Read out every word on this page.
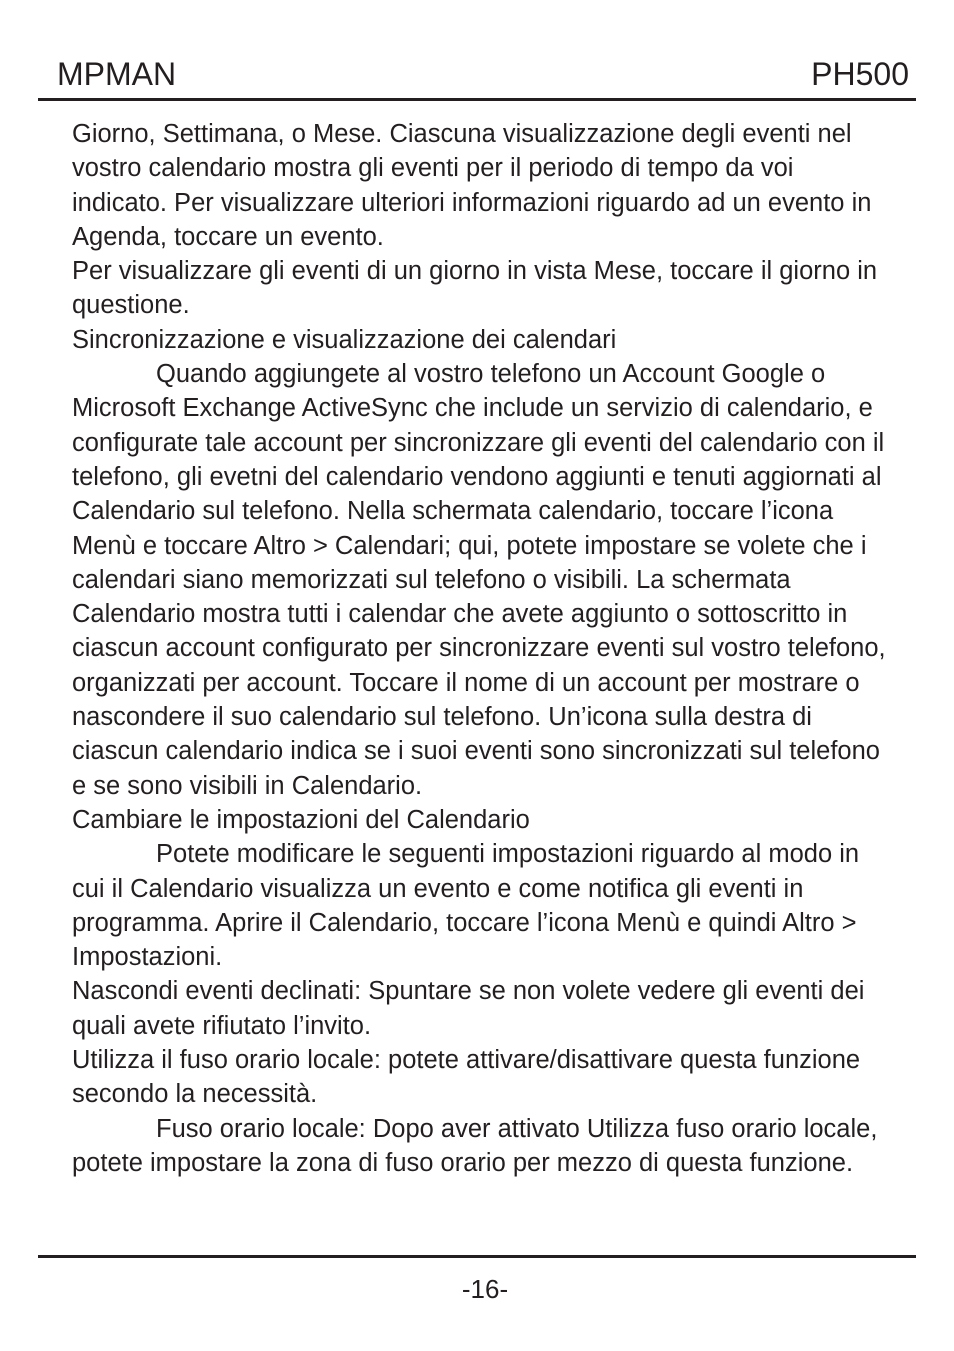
MPMAN	PH500

Giorno, Settimana, o Mese. Ciascuna visualizzazione degli eventi nel vostro calendario mostra gli eventi per il periodo di tempo da voi indicato. Per visualizzare ulteriori informazioni riguardo ad un evento in Agenda, toccare un evento.

Per visualizzare gli eventi di un giorno in vista Mese, toccare il giorno in questione.

Sincronizzazione e visualizzazione dei calendari

Quando aggiungete al vostro telefono un Account Google o Microsoft Exchange ActiveSync che include un servizio di calendario, e configurate tale account per sincronizzare gli eventi del calendario con il telefono, gli evetni del calendario vendono aggiunti e tenuti aggiornati al Calendario sul telefono. Nella schermata calendario, toccare l’icona Menù e toccare Altro > Calendari; qui, potete impostare se volete che i calendari siano memorizzati sul telefono o visibili. La schermata Calendario mostra tutti i calendar che avete aggiunto o sottoscritto in ciascun account configurato per sincronizzare eventi sul vostro telefono, organizzati per account. Toccare il nome di un account per mostrare o nascondere il suo calendario sul telefono. Un’icona sulla destra di ciascun calendario indica se i suoi eventi sono sincronizzati sul telefono e se sono visibili in Calendario.

Cambiare le impostazioni del Calendario

Potete modificare le seguenti impostazioni riguardo al modo in cui il Calendario visualizza un evento e come notifica gli eventi in programma. Aprire il Calendario, toccare l’icona Menù e quindi Altro > Impostazioni.

Nascondi eventi declinati: Spuntare se non volete vedere gli eventi dei quali avete rifiutato l’invito.

Utilizza il fuso orario locale: potete attivare/disattivare questa funzione secondo la necessità.

Fuso orario locale: Dopo aver attivato Utilizza fuso orario locale, potete impostare la zona di fuso orario per mezzo di questa funzione.

-16-
